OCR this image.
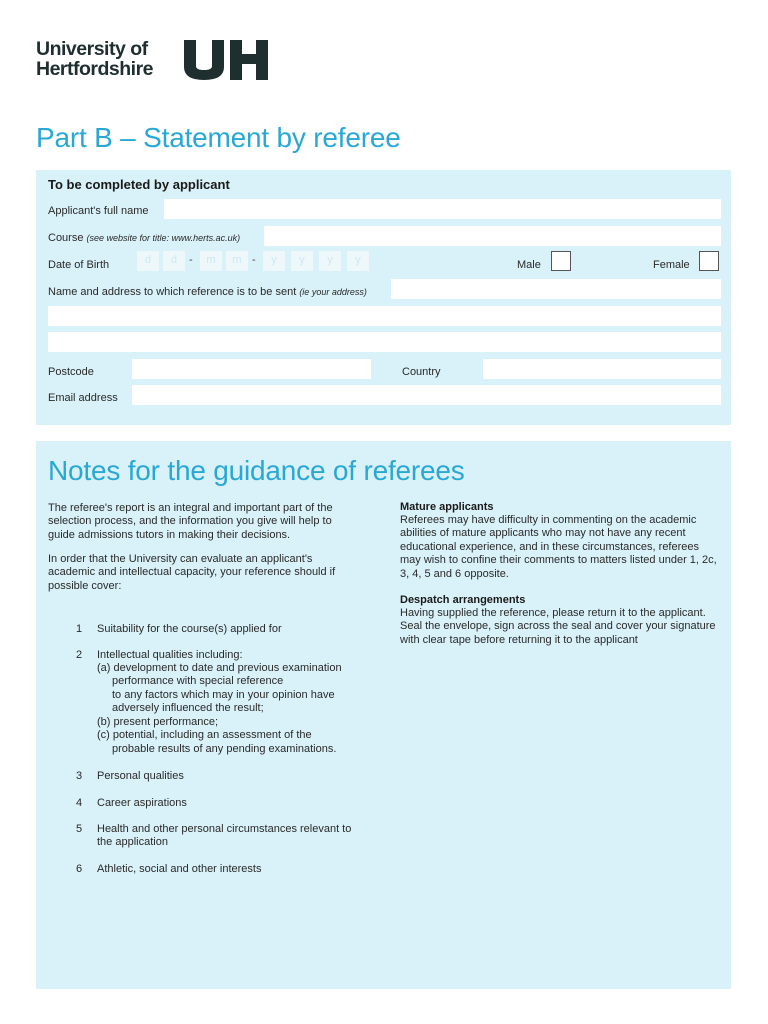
University of
Hertfordshire
Part B – Statement by referee
To be completed by applicant
Applicant's full name
Course (see website for title: www.herts.ac.uk)
Date of Birth	d	d	-	m	m -	y	y	y	y	Male	Female
Name and address to which reference is to be sent (ie your address)
Postcode	Country
Email address
Notes for the guidance of referees

The referee's report is an integral and important part of the selection process, and the information you give will help to guide admissions tutors in making their decisions.

In order that the University can evaluate an applicant's academic and intellectual capacity, your reference should if possible cover:

1 Suitability for the course(s) applied for
2 Intellectual qualities including:
(a) development to date and previous examination
performance with special reference
to any factors which may in your opinion have
adversely influenced the result;
(b) present performance;
(c) potential, including an assessment of the
probable results of any pending examinations.
3 Personal qualities
4 Career aspirations
5 Health and other personal circumstances relevant to the application
6 Athletic, social and other interests
Mature applicants

Referees may have difficulty in commenting on the academic abilities of mature applicants who may not have any recent educational experience, and in these circumstances, referees may wish to confine their comments to matters listed under 1, 2c, 3, 4, 5 and 6 opposite.

Despatch arrangements

Having supplied the reference, please return it to the applicant. Seal the envelope, sign across the seal and cover your signature with clear tape before returning it to the applicant
